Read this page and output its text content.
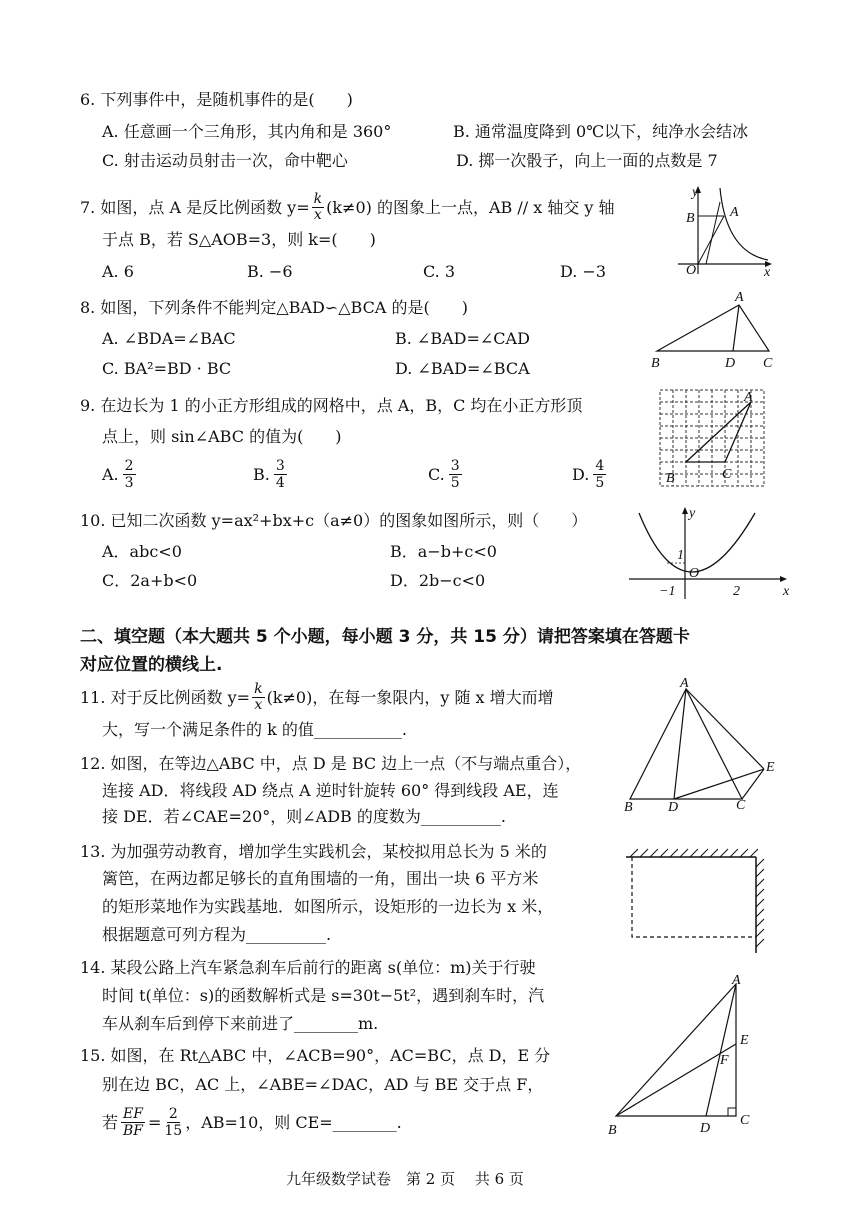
6. 下列事件中，是随机事件的是(　　)
A. 任意画一个三角形，其内角和是 360°	B. 通常温度降到 0℃以下，纯净水会结冰
C. 射击运动员射击一次，命中靶心	D. 掷一次骰子，向上一面的点数是 7
7. 如图，点 A 是反比例函数 $y= \frac{k}{x} (k\ne 0)$ 的图象上一点，AB // x 轴交 y 轴
于点 B，若 S△AOB=3，则 k=(　　)
A. 6	B. −6	C. 3	D. −3
y
B	A
O	x
8. 如图，下列条件不能判定△BAD∽△BCA 的是(　　)
A. ∠BDA=∠BAC	B. ∠BAD=∠CAD
C. BA²=BD · BC	D. ∠BAD=∠BCA
A
B	D C
9. 在边长为 1 的小正方形组成的网格中，点 A，B，C 均在小正方形顶
点上，则 sin∠ABC 的值为(　　)
A. $\frac{2}{3}$	B. $\frac{3}{4}$	C. $\frac{3}{5}$	D. $\frac{4}{5}$
A
B	C
10. 已知二次函数 y=ax²+bx+c（a≠0）的图象如图所示，则（　　）
A．abc<0	B．a−b+c<0
C．2a+b<0	D．2b−c<0
y
1
O
−1	2	x
二、填空题（本大题共 5 个小题，每小题 3 分，共 15 分）请把答案填在答题卡
对应位置的横线上.
11. 对于反比例函数 $y= \frac{k}{x} (k\ne 0)$，在每一象限内，y 随 x 增大而增
大，写一个满足条件的 k 的值___________.
12. 如图，在等边△ABC 中，点 D 是 BC 边上一点（不与端点重合），
连接 AD．将线段 AD 绕点 A 逆时针旋转 60° 得到线段 AE，连
接 DE．若∠CAE=20°，则∠ADB 的度数为__________.
A
E
B	D	C
13. 为加强劳动教育，增加学生实践机会，某校拟用总长为 5 米的
篱笆，在两边都足够长的直角围墙的一角，围出一块 6 平方米
的矩形菜地作为实践基地．如图所示，设矩形的一边长为 x 米，
根据题意可列方程为__________.
14. 某段公路上汽车紧急刹车后前行的距离 s(单位：m)关于行驶
时间 t(单位：s)的函数解析式是 s=30t−5t²，遇到刹车时，汽
车从刹车后到停下来前进了________m.
15. 如图，在 Rt△ABC 中，∠ACB=90°，AC=BC，点 D，E 分
别在边 BC，AC 上，∠ABE=∠DAC，AD 与 BE 交于点 F，
若 $\frac{EF}{BF} = \frac{2}{15}$ ，AB=10，则 CE=________.
A
E
F
B	D
C
九年级数学试卷　第 2 页　 共 6 页
